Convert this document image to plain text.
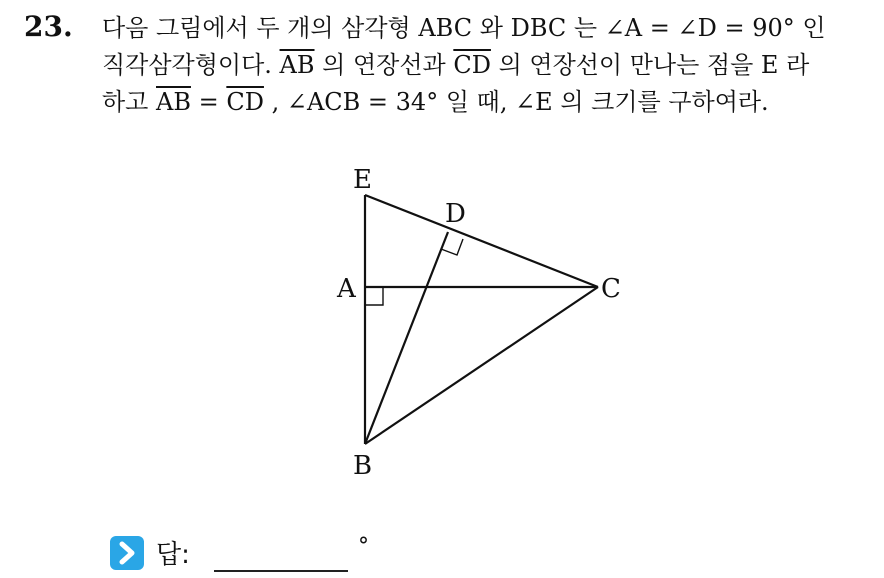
23. 다음 그림에서 두 개의 삼각형 ABC 와 DBC 는 ∠A = ∠D = 90° 인
직각삼각형이다. $\overline{AB}$ 의 연장선과 $\overline{CD}$ 의 연장선이 만나는 점을 E 라
하고 $\overline{AB} = \overline{CD}$ , ∠ACB = 34° 일 때, ∠E 의 크기를 구하여라.
E
D
A	C
B
답:	°
